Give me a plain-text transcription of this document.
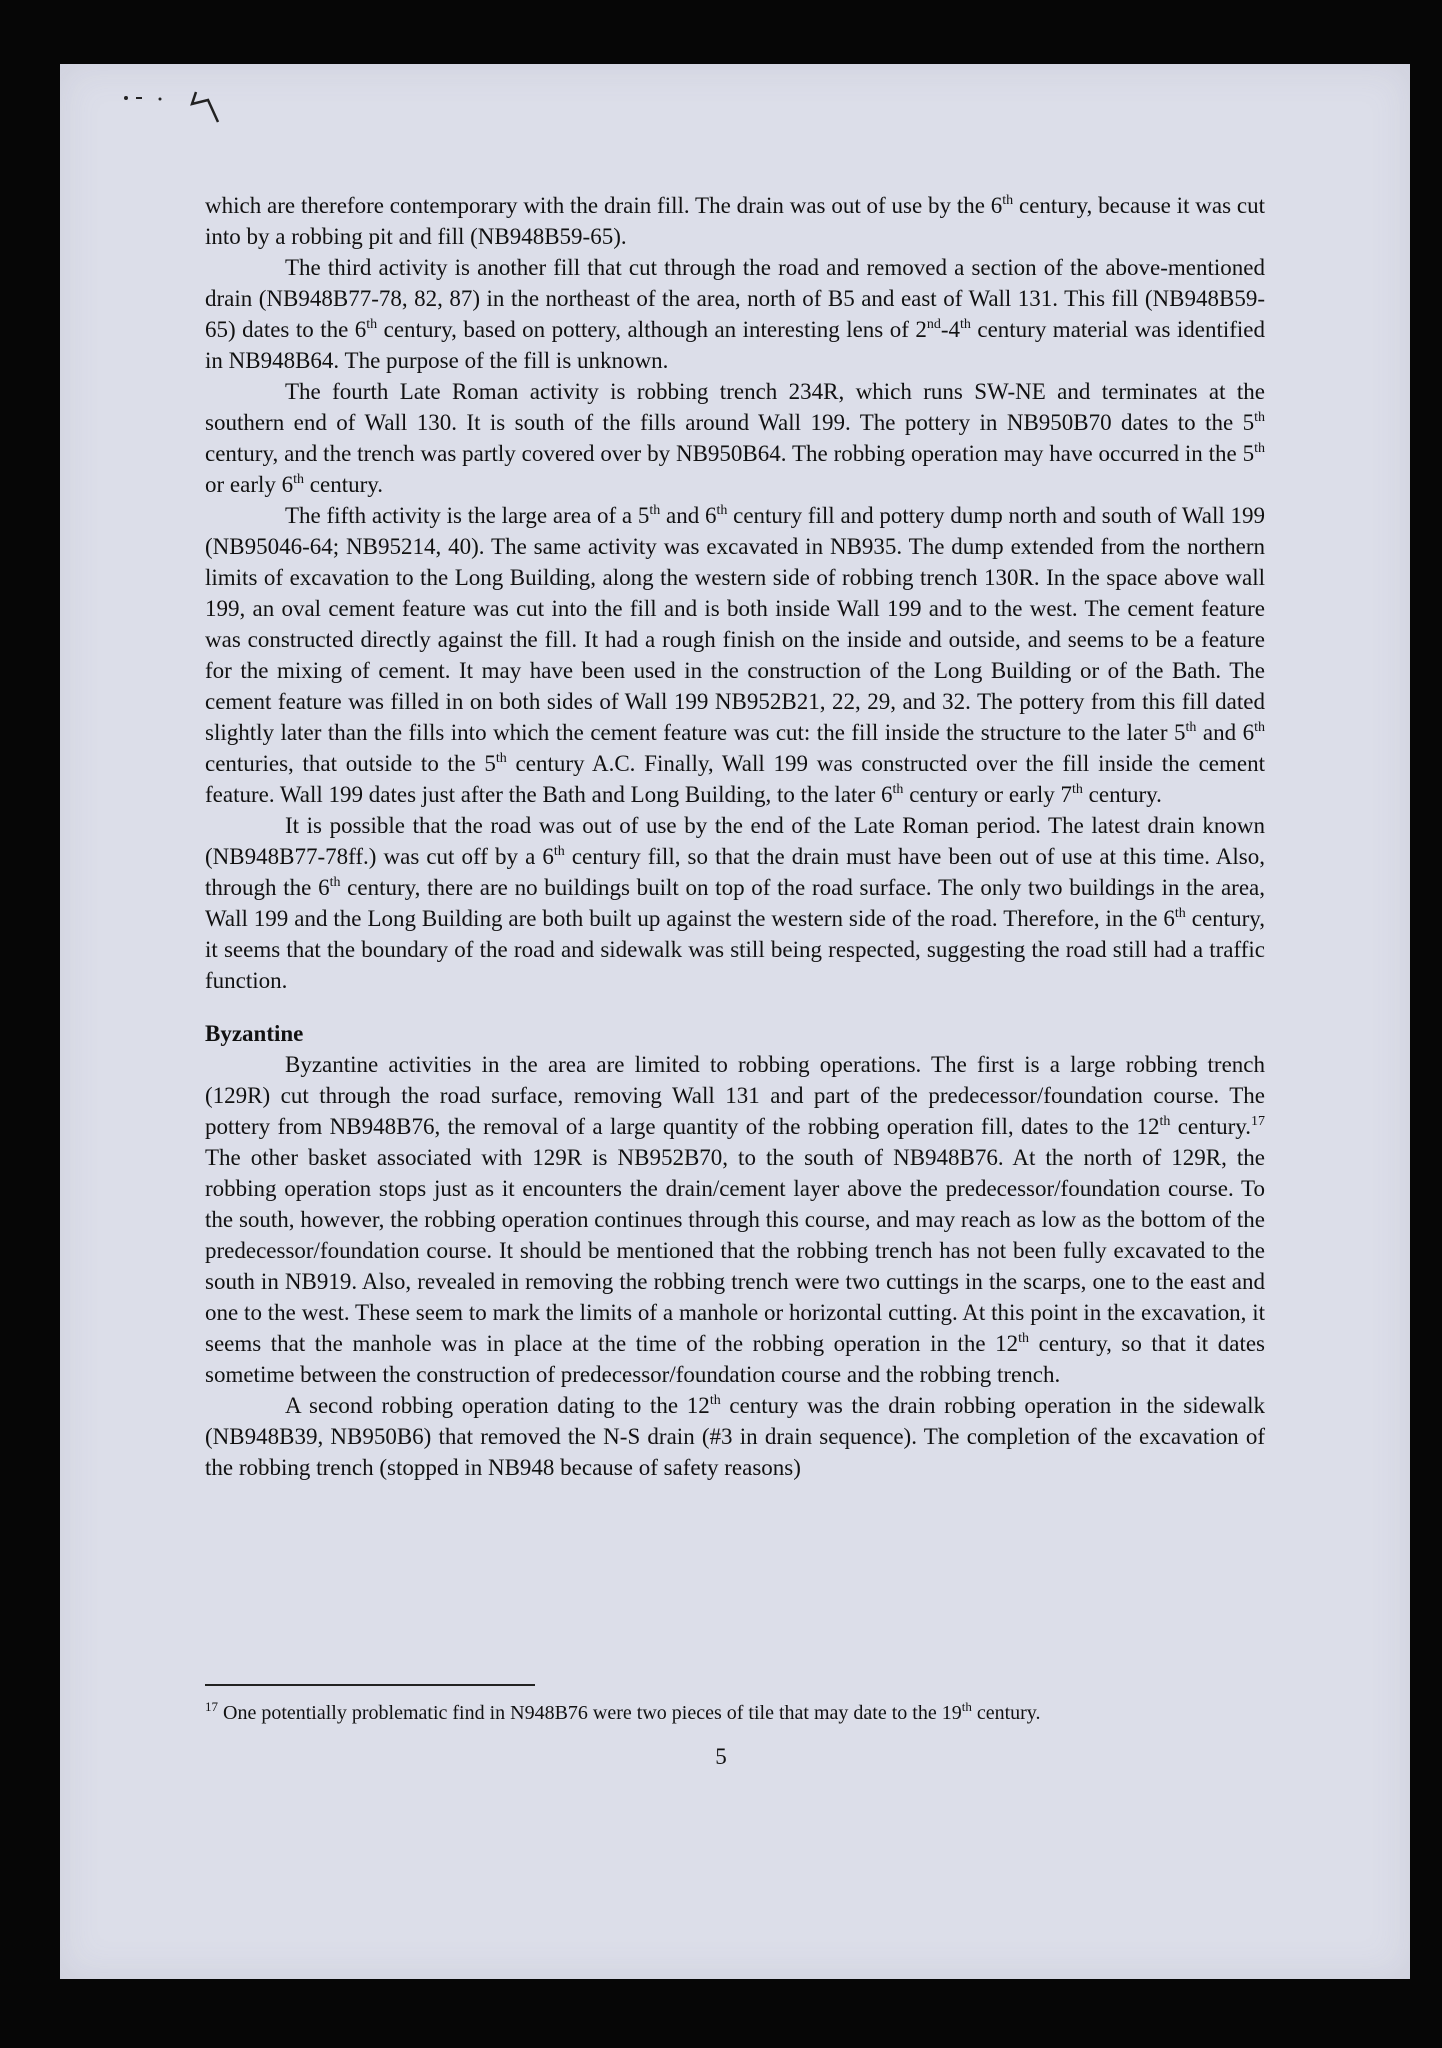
which are therefore contemporary with the drain fill. The drain was out of use by the 6th century, because it was cut into by a robbing pit and fill (NB948B59-65).

The third activity is another fill that cut through the road and removed a section of the above-mentioned drain (NB948B77-78, 82, 87) in the northeast of the area, north of B5 and east of Wall 131. This fill (NB948B59-65) dates to the 6th century, based on pottery, although an interesting lens of 2nd-4th century material was identified in NB948B64. The purpose of the fill is unknown.

The fourth Late Roman activity is robbing trench 234R, which runs SW-NE and terminates at the southern end of Wall 130. It is south of the fills around Wall 199. The pottery in NB950B70 dates to the 5th century, and the trench was partly covered over by NB950B64. The robbing operation may have occurred in the 5th or early 6th century.

The fifth activity is the large area of a 5th and 6th century fill and pottery dump north and south of Wall 199 (NB95046-64; NB95214, 40). The same activity was excavated in NB935. The dump extended from the northern limits of excavation to the Long Building, along the western side of robbing trench 130R. In the space above wall 199, an oval cement feature was cut into the fill and is both inside Wall 199 and to the west. The cement feature was constructed directly against the fill. It had a rough finish on the inside and outside, and seems to be a feature for the mixing of cement. It may have been used in the construction of the Long Building or of the Bath. The cement feature was filled in on both sides of Wall 199 NB952B21, 22, 29, and 32. The pottery from this fill dated slightly later than the fills into which the cement feature was cut: the fill inside the structure to the later 5th and 6th centuries, that outside to the 5th century A.C. Finally, Wall 199 was constructed over the fill inside the cement feature. Wall 199 dates just after the Bath and Long Building, to the later 6th century or early 7th century.

It is possible that the road was out of use by the end of the Late Roman period. The latest drain known (NB948B77-78ff.) was cut off by a 6th century fill, so that the drain must have been out of use at this time. Also, through the 6th century, there are no buildings built on top of the road surface. The only two buildings in the area, Wall 199 and the Long Building are both built up against the western side of the road. Therefore, in the 6th century, it seems that the boundary of the road and sidewalk was still being respected, suggesting the road still had a traffic function.

Byzantine

Byzantine activities in the area are limited to robbing operations. The first is a large robbing trench (129R) cut through the road surface, removing Wall 131 and part of the predecessor/foundation course. The pottery from NB948B76, the removal of a large quantity of the robbing operation fill, dates to the 12th century.$^{17}$ The other basket associated with 129R is NB952B70, to the south of NB948B76. At the north of 129R, the robbing operation stops just as it encounters the drain/cement layer above the predecessor/foundation course. To the south, however, the robbing operation continues through this course, and may reach as low as the bottom of the predecessor/foundation course. It should be mentioned that the robbing trench has not been fully excavated to the south in NB919. Also, revealed in removing the robbing trench were two cuttings in the scarps, one to the east and one to the west. These seem to mark the limits of a manhole or horizontal cutting. At this point in the excavation, it seems that the manhole was in place at the time of the robbing operation in the 12th century, so that it dates sometime between the construction of predecessor/foundation course and the robbing trench.

A second robbing operation dating to the 12th century was the drain robbing operation in the sidewalk (NB948B39, NB950B6) that removed the N-S drain (#3 in drain sequence). The completion of the excavation of the robbing trench (stopped in NB948 because of safety reasons)

$^{17}$ One potentially problematic find in N948B76 were two pieces of tile that may date to the 19th century.
5
